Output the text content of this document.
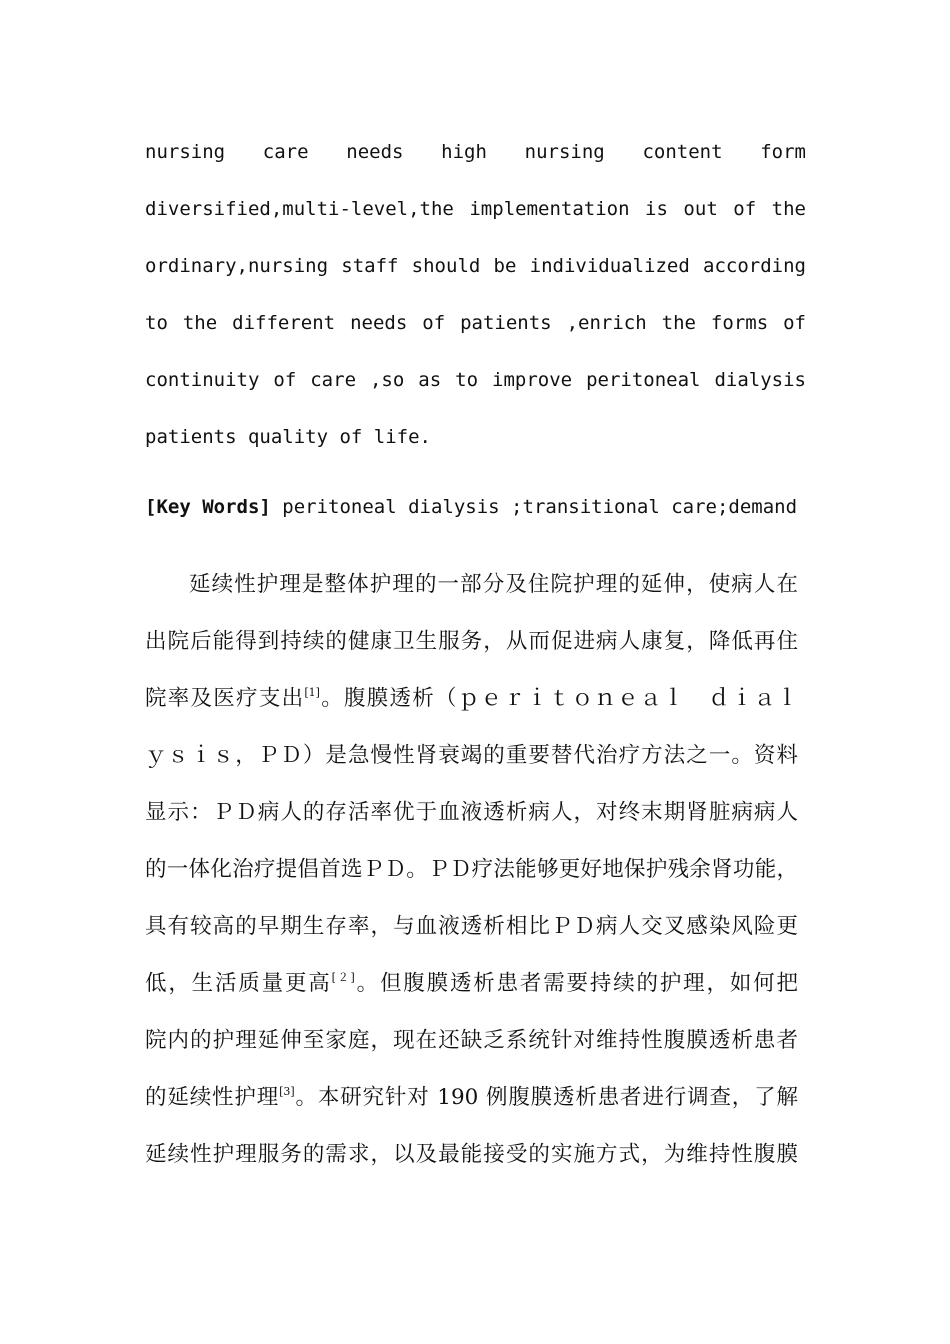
nursing care needs high nursing content form
diversified,multi-level,the implementation is out of the
ordinary,nursing staff should be individualized according
to the different needs of patients ,enrich the forms of
continuity of care ,so as to improve peritoneal dialysis
patients quality of life.
[Key Words] peritoneal dialysis ;transitional care;demand
延续性护理是整体护理的一部分及住院护理的延伸，使病人在
出院后能得到持续的健康卫生服务，从而促进病人康复，降低再住
院率及医疗支出[1]。腹膜透析（ｐｅｒｉｔｏｎｅａｌ　ｄｉａｌ
ｙｓｉｓ，ＰＤ）是急慢性肾衰竭的重要替代治疗方法之一。资料
显示：ＰＤ病人的存活率优于血液透析病人，对终末期肾脏病病人
的一体化治疗提倡首选ＰＤ。ＰＤ疗法能够更好地保护残余肾功能，
具有较高的早期生存率，与血液透析相比ＰＤ病人交叉感染风险更
低，生活质量更高[２]。但腹膜透析患者需要持续的护理，如何把
院内的护理延伸至家庭，现在还缺乏系统针对维持性腹膜透析患者
的延续性护理[3]。本研究针对 190 例腹膜透析患者进行调查，了解
延续性护理服务的需求，以及最能接受的实施方式，为维持性腹膜
